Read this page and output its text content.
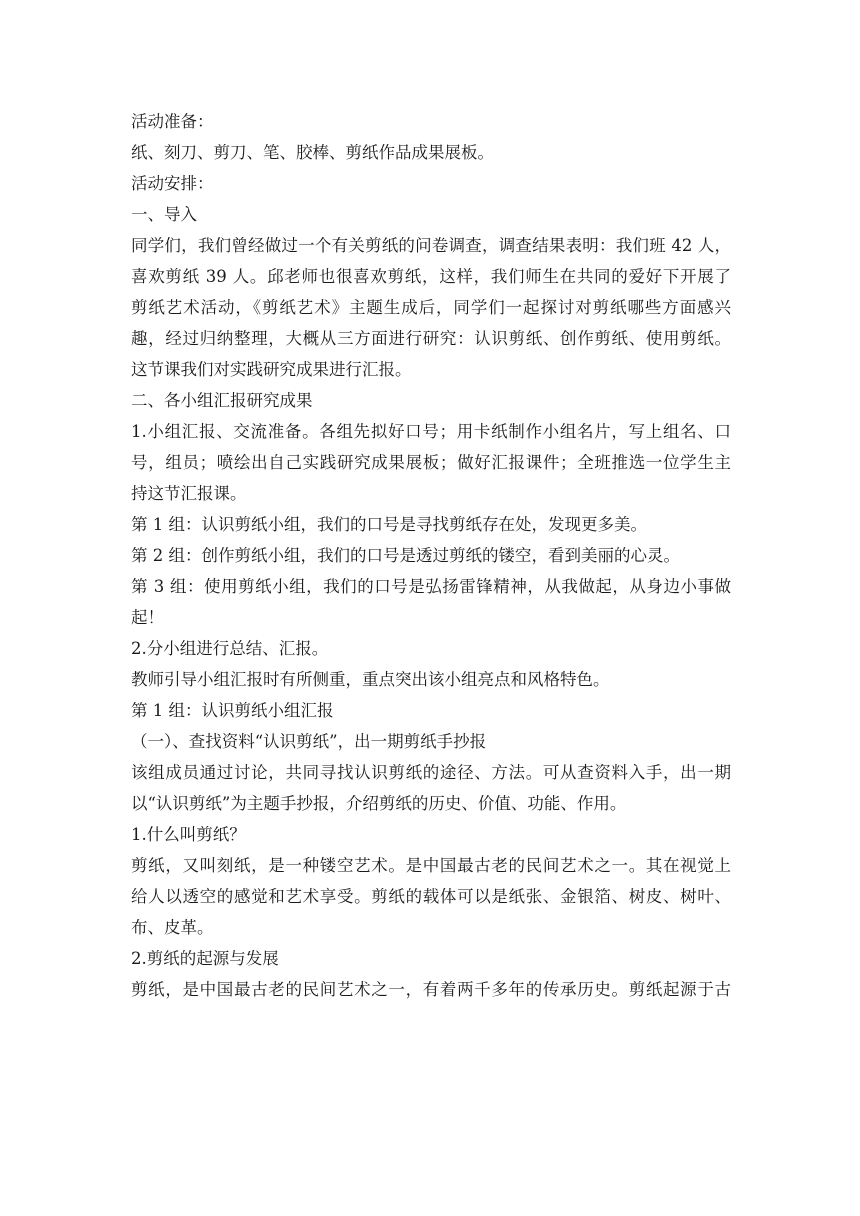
活动准备：
纸、刻刀、剪刀、笔、胶棒、剪纸作品成果展板。
活动安排：
一、导入
同学们，我们曾经做过一个有关剪纸的问卷调查，调查结果表明：我们班 42 人，
喜欢剪纸 39 人。邱老师也很喜欢剪纸，这样，我们师生在共同的爱好下开展了
剪纸艺术活动，《剪纸艺术》主题生成后，同学们一起探讨对剪纸哪些方面感兴
趣，经过归纳整理，大概从三方面进行研究：认识剪纸、创作剪纸、使用剪纸。
这节课我们对实践研究成果进行汇报。
二、各小组汇报研究成果
1.小组汇报、交流准备。各组先拟好口号；用卡纸制作小组名片，写上组名、口
号，组员；喷绘出自己实践研究成果展板；做好汇报课件；全班推选一位学生主
持这节汇报课。
第 1 组：认识剪纸小组，我们的口号是寻找剪纸存在处，发现更多美。
第 2 组：创作剪纸小组，我们的口号是透过剪纸的镂空，看到美丽的心灵。
第 3 组：使用剪纸小组，我们的口号是弘扬雷锋精神，从我做起，从身边小事做
起！
2.分小组进行总结、汇报。
教师引导小组汇报时有所侧重，重点突出该小组亮点和风格特色。
第 1 组：认识剪纸小组汇报
（一）、查找资料“认识剪纸”，出一期剪纸手抄报
该组成员通过讨论，共同寻找认识剪纸的途径、方法。可从查资料入手，出一期
以“认识剪纸”为主题手抄报，介绍剪纸的历史、价值、功能、作用。
1.什么叫剪纸？
剪纸，又叫刻纸，是一种镂空艺术。是中国最古老的民间艺术之一。其在视觉上
给人以透空的感觉和艺术享受。剪纸的载体可以是纸张、金银箔、树皮、树叶、
布、皮革。
2.剪纸的起源与发展
剪纸，是中国最古老的民间艺术之一，有着两千多年的传承历史。剪纸起源于古
